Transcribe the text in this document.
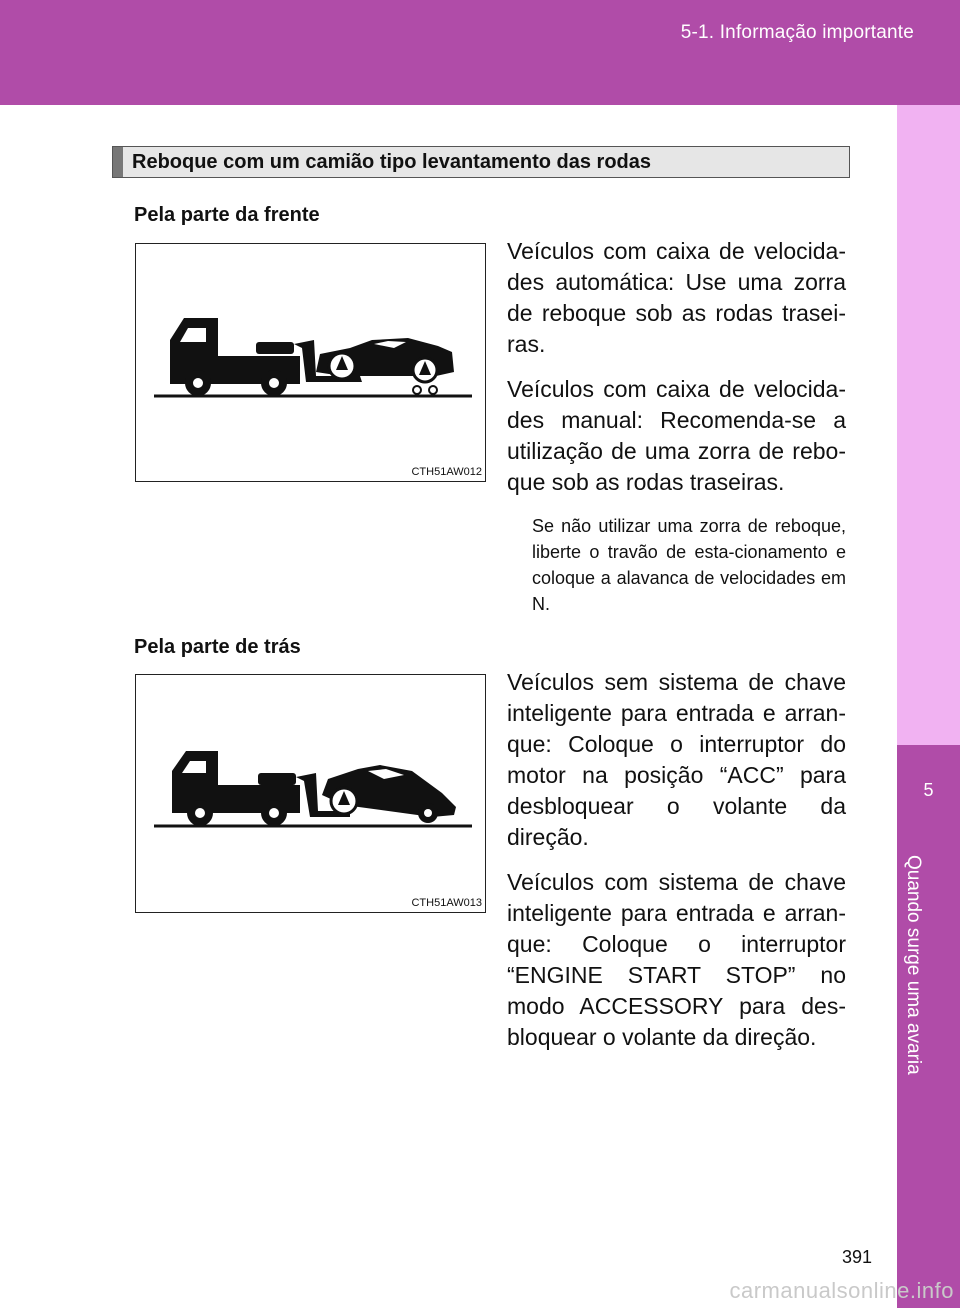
5-1. Informação importante
5
Quando surge uma avaria
Reboque com um camião tipo levantamento das rodas
Pela parte da frente
CTH51AW012
Veículos com caixa de velocida-des automática: Use uma zorra de reboque sob as rodas trasei-ras.
Veículos com caixa de velocida-des manual: Recomenda-se a utilização de uma zorra de rebo-que sob as rodas traseiras.
Se não utilizar uma zorra de reboque, liberte o travão de esta-cionamento e coloque a alavanca de velocidades em N.
Pela parte de trás
CTH51AW013
Veículos sem sistema de chave inteligente para entrada e arran-que: Coloque o interruptor do motor na posição “ACC” para desbloquear o volante da direção.
Veículos com sistema de chave inteligente para entrada e arran-que: Coloque o interruptor “ENGINE START STOP” no modo ACCESSORY para des-bloquear o volante da direção.
391
carmanualsonline.info
